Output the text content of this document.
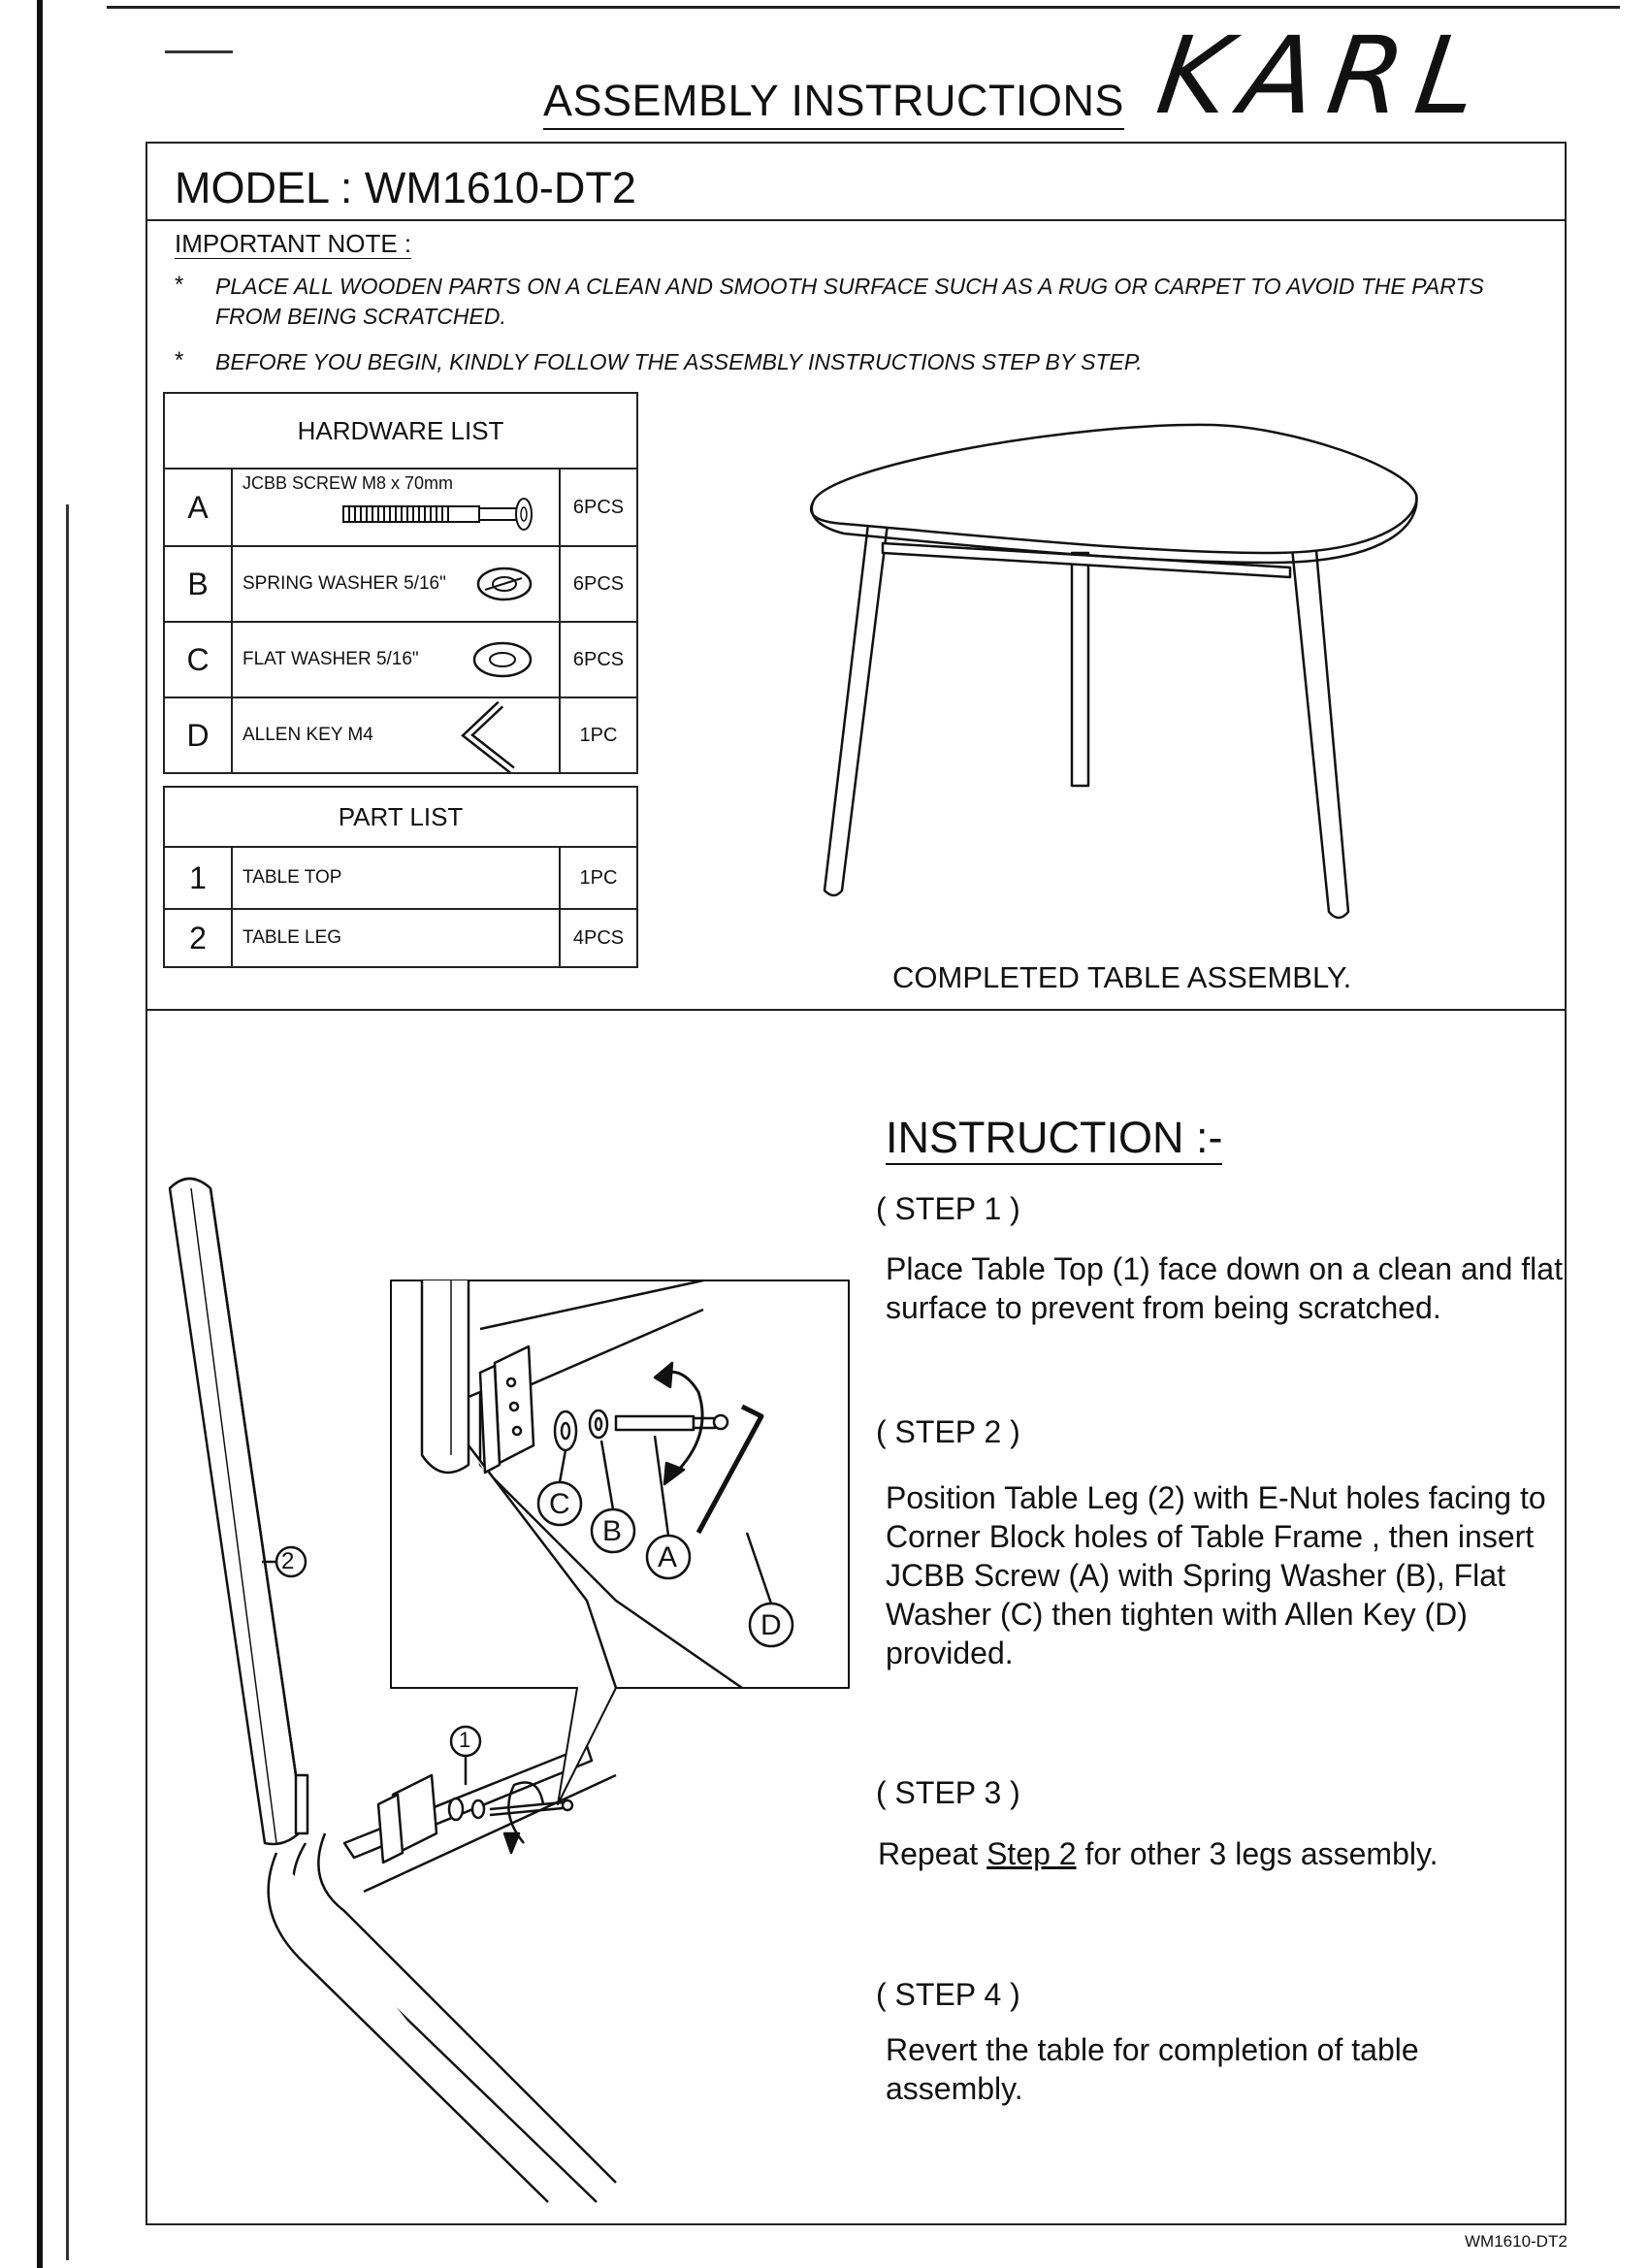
ASSEMBLY INSTRUCTIONS KARL
MODEL : WM1610-DT2
IMPORTANT NOTE :
* PLACE ALL WOODEN PARTS ON A CLEAN AND SMOOTH SURFACE SUCH AS A RUG OR CARPET TO AVOID THE PARTS FROM BEING SCRATCHED.
* BEFORE YOU BEGIN, KINDLY FOLLOW THE ASSEMBLY INSTRUCTIONS STEP BY STEP.
HARDWARE LIST		
A	JCBB SCREW M8 x 70mm	6PCS
B	SPRING WASHER 5/16"	6PCS
C	FLAT WASHER 5/16"	6PCS
D	ALLEN KEY M4	1PC
PART LIST		
1	TABLE TOP	1PC
2	TABLE LEG	4PCS
COMPLETED TABLE ASSEMBLY.
2
1
C
B
A
D
INSTRUCTION :-
( STEP 1 )
Place Table Top (1) face down on a clean and flat
surface to prevent from being scratched.
( STEP 2 )
Position Table Leg (2) with E-Nut holes facing to
Corner Block holes of Table Frame , then insert
JCBB Screw (A) with Spring Washer (B), Flat
Washer (C) then tighten with Allen Key (D)
provided.
( STEP 3 )
Repeat Step 2 for other 3 legs assembly.
( STEP 4 )
Revert the table for completion of table assembly.
WM1610-DT2
